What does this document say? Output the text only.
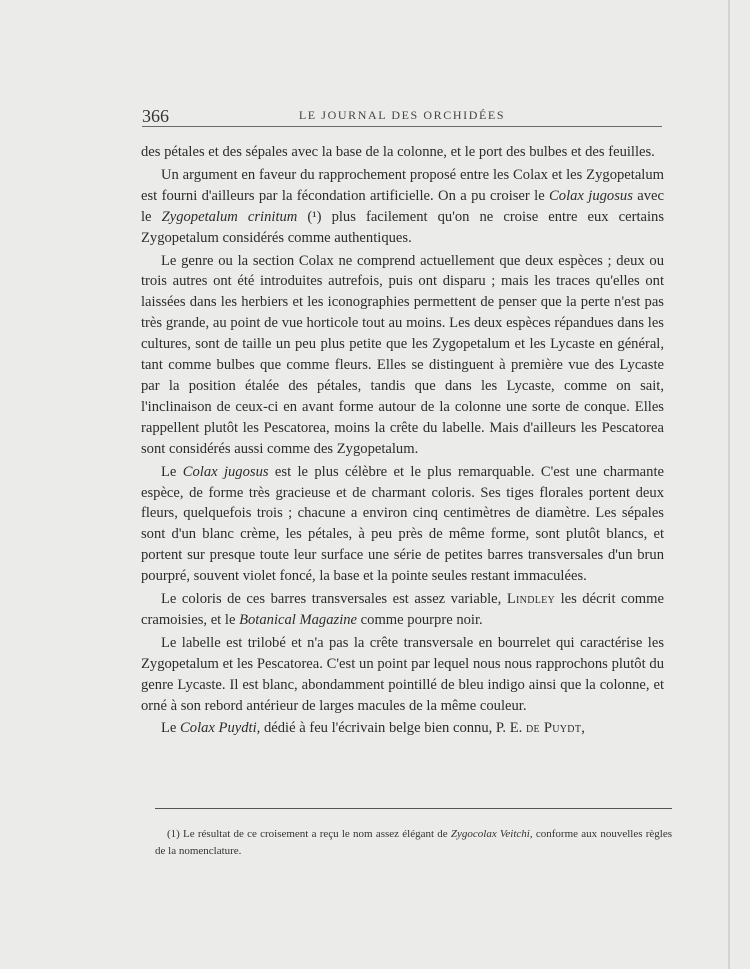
366	LE JOURNAL DES ORCHIDÉES

des pétales et des sépales avec la base de la colonne, et le port des bulbes et des feuilles.

Un argument en faveur du rapprochement proposé entre les Colax et les Zygopetalum est fourni d'ailleurs par la fécondation artificielle. On a pu croiser le Colax jugosus avec le Zygopetalum crinitum (¹) plus facilement qu'on ne croise entre eux certains Zygopetalum considérés comme authentiques.

Le genre ou la section Colax ne comprend actuellement que deux espèces ; deux ou trois autres ont été introduites autrefois, puis ont disparu ; mais les traces qu'elles ont laissées dans les herbiers et les iconographies permettent de penser que la perte n'est pas très grande, au point de vue horticole tout au moins. Les deux espèces répandues dans les cultures, sont de taille un peu plus petite que les Zygopetalum et les Lycaste en général, tant comme bulbes que comme fleurs. Elles se distinguent à première vue des Lycaste par la position étalée des pétales, tandis que dans les Lycaste, comme on sait, l'inclinaison de ceux-ci en avant forme autour de la colonne une sorte de conque. Elles rappellent plutôt les Pescatorea, moins la crête du labelle. Mais d'ailleurs les Pescatorea sont considérés aussi comme des Zygopetalum.

Le Colax jugosus est le plus célèbre et le plus remarquable. C'est une charmante espèce, de forme très gracieuse et de charmant coloris. Ses tiges florales portent deux fleurs, quelquefois trois ; chacune a environ cinq centimètres de diamètre. Les sépales sont d'un blanc crème, les pétales, à peu près de même forme, sont plutôt blancs, et portent sur presque toute leur surface une série de petites barres transversales d'un brun pourpré, souvent violet foncé, la base et la pointe seules restant immaculées.

Le coloris de ces barres transversales est assez variable, Lindley les décrit comme cramoisies, et le Botanical Magazine comme pourpre noir.

Le labelle est trilobé et n'a pas la crête transversale en bourrelet qui caractérise les Zygopetalum et les Pescatorea. C'est un point par lequel nous nous rapprochons plutôt du genre Lycaste. Il est blanc, abondamment pointillé de bleu indigo ainsi que la colonne, et orné à son rebord antérieur de larges macules de la même couleur.

Le Colax Puydti, dédié à feu l'écrivain belge bien connu, P. E. de Puydt,

(1) Le résultat de ce croisement a reçu le nom assez élégant de Zygocolax Veitchi, conforme aux nouvelles règles de la nomenclature.
